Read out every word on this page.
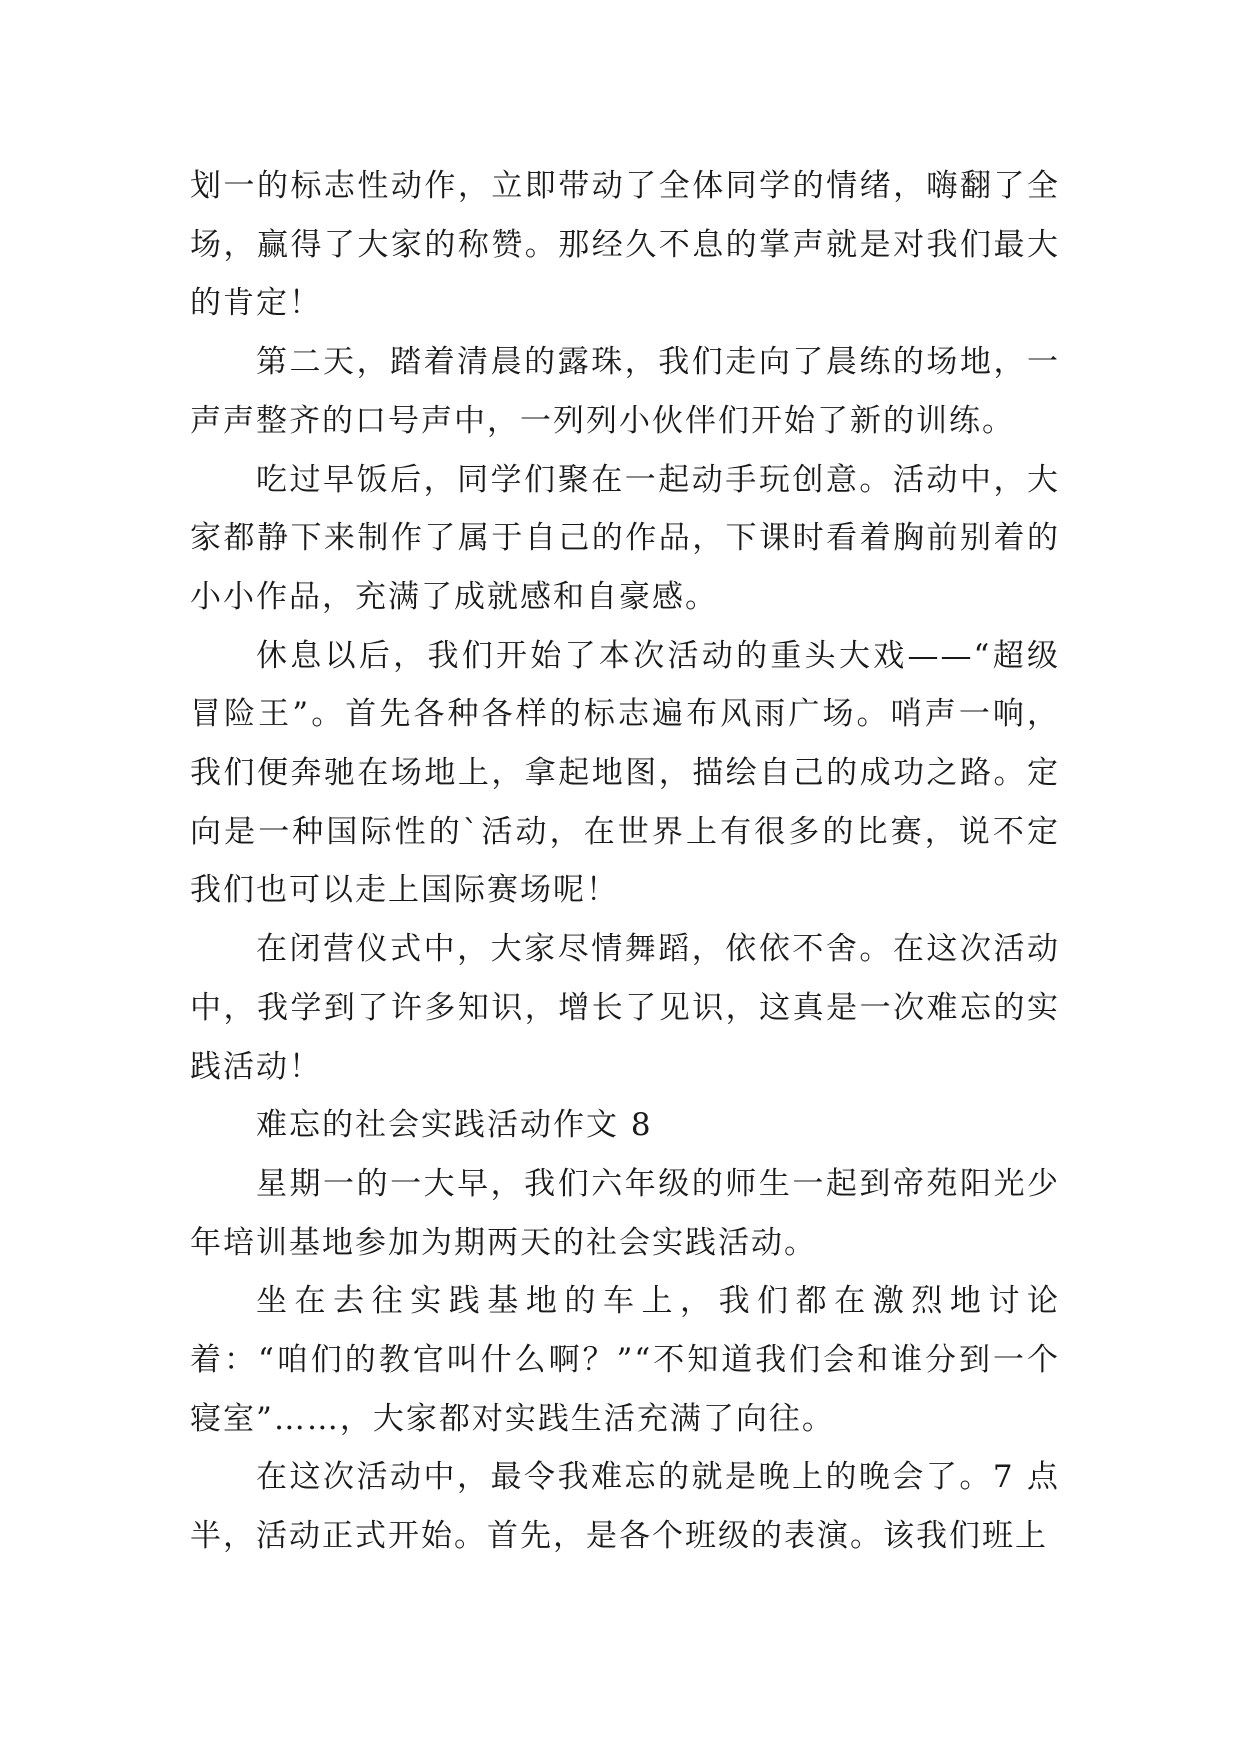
划一的标志性动作，立即带动了全体同学的情绪，嗨翻了全场，赢得了大家的称赞。那经久不息的掌声就是对我们最大的肯定！

第二天，踏着清晨的露珠，我们走向了晨练的场地，一声声整齐的口号声中，一列列小伙伴们开始了新的训练。

吃过早饭后，同学们聚在一起动手玩创意。活动中，大家都静下来制作了属于自己的作品，下课时看着胸前别着的小小作品，充满了成就感和自豪感。

休息以后，我们开始了本次活动的重头大戏——“超级冒险王”。首先各种各样的标志遍布风雨广场。哨声一响，我们便奔驰在场地上，拿起地图，描绘自己的成功之路。定向是一种国际性的`活动，在世界上有很多的比赛，说不定我们也可以走上国际赛场呢！

在闭营仪式中，大家尽情舞蹈，依依不舍。在这次活动中，我学到了许多知识，增长了见识，这真是一次难忘的实践活动！

难忘的社会实践活动作文 8

星期一的一大早，我们六年级的师生一起到帝苑阳光少年培训基地参加为期两天的社会实践活动。

坐在去往实践基地的车上，我们都在激烈地讨论着：“咱们的教官叫什么啊？”“不知道我们会和谁分到一个寝室”……，大家都对实践生活充满了向往。

在这次活动中，最令我难忘的就是晚上的晚会了。7 点半，活动正式开始。首先，是各个班级的表演。该我们班上
